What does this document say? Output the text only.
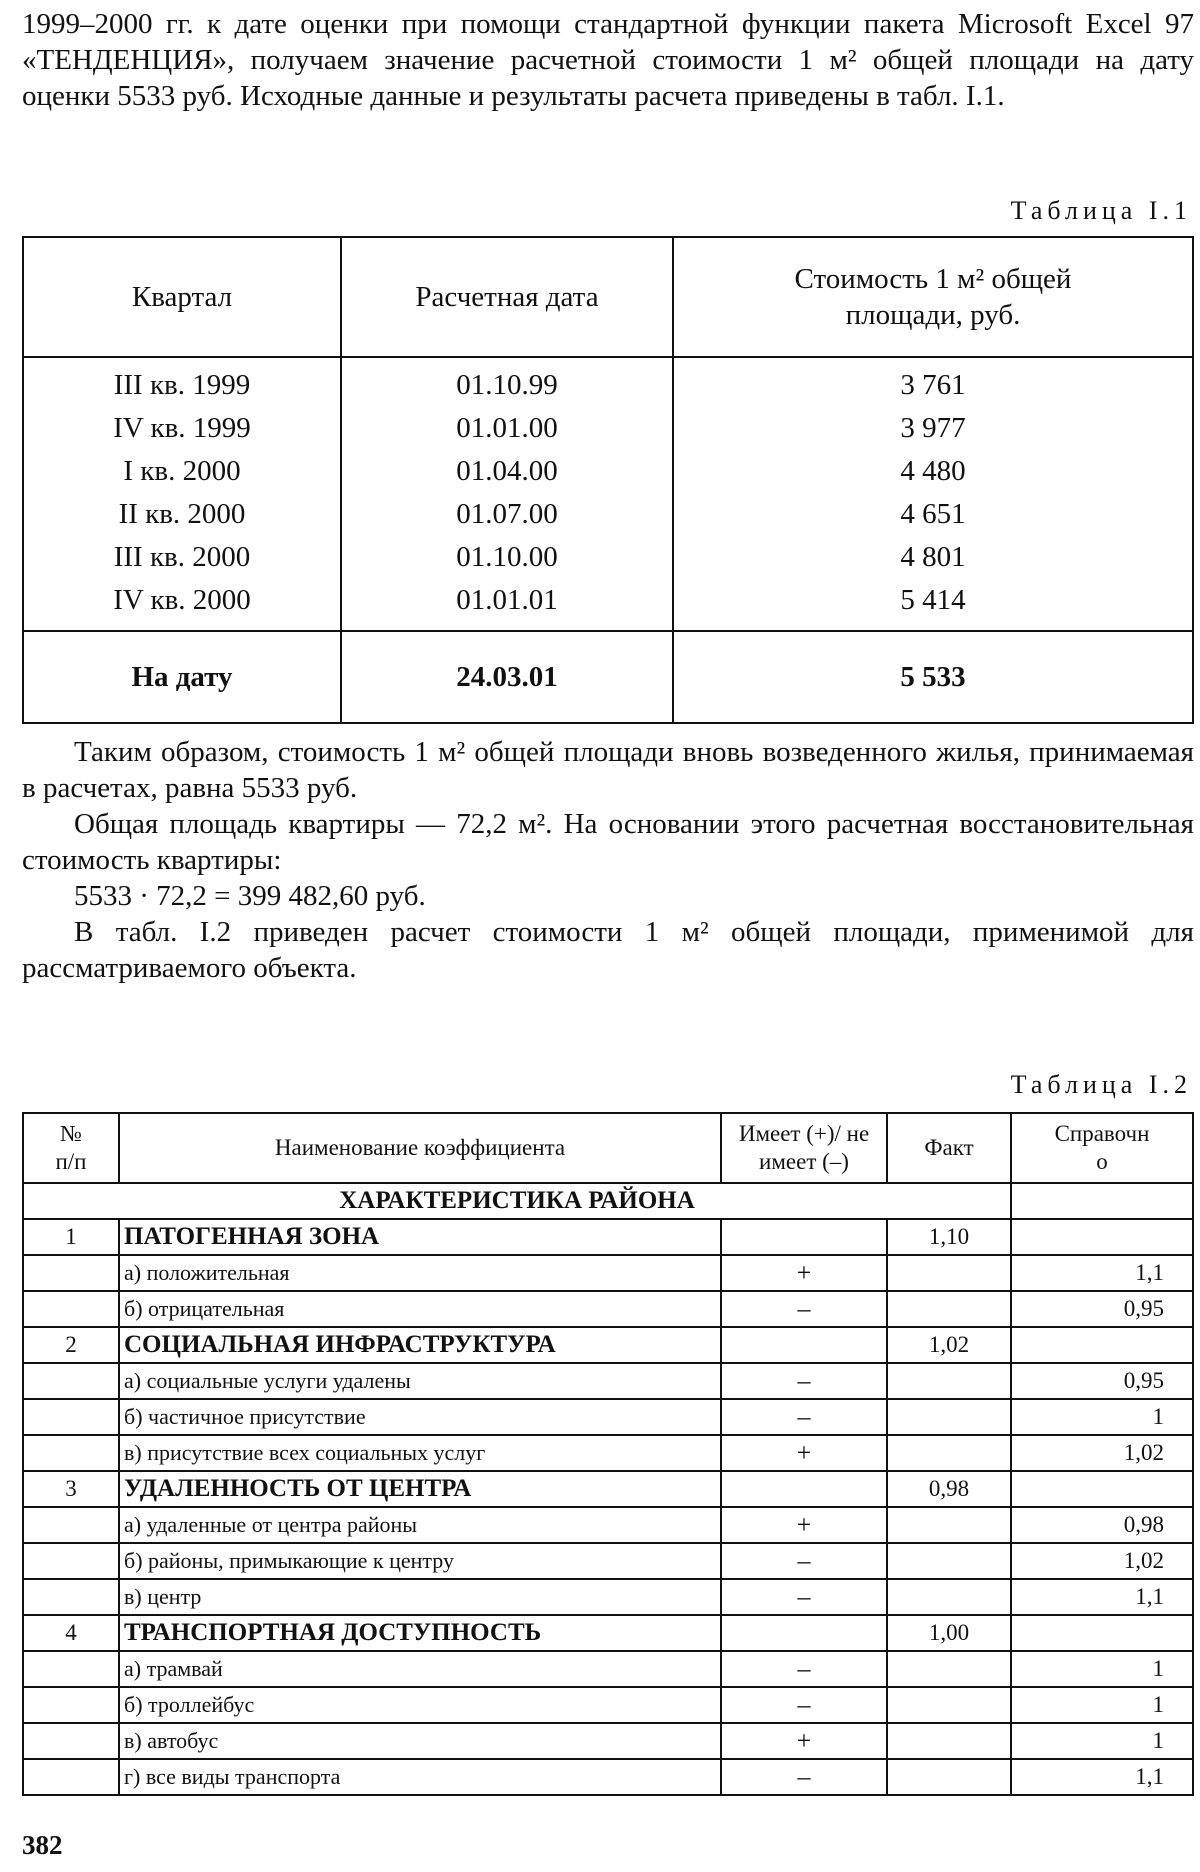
1999–2000 гг. к дате оценки при помощи стандартной функции пакета Microsoft Excel 97 «ТЕНДЕНЦИЯ», получаем значение расчетной стоимости 1 м² общей площади на дату оценки 5533 руб. Исходные данные и результаты расчета приведены в табл. I.1.

Таблица I.1
Квартал	Расчетная дата	Стоимость 1 м² общей площади, руб.
III кв. 1999	01.10.99	3 761
IV кв. 1999	01.01.00	3 977
I кв. 2000	01.04.00	4 480
II кв. 2000	01.07.00	4 651
III кв. 2000	01.10.00	4 801
IV кв. 2000	01.01.01	5 414
На дату	24.03.01	5 533

Таким образом, стоимость 1 м² общей площади вновь возведенного жилья, принимаемая в расчетах, равна 5533 руб.

Общая площадь квартиры — 72,2 м². На основании этого расчетная восстановительная стоимость квартиры:

5533 · 72,2 = 399 482,60 руб.

В табл. I.2 приведен расчет стоимости 1 м² общей площади, применимой для рассматриваемого объекта.

Таблица I.2
№ п/п	Наименование коэффициента	Имеет (+)/ не имеет (–)	Факт	Справочно
ХАРАКТЕРИСТИКА РАЙОНА				
1	ПАТОГЕННАЯ ЗОНА		1,10	
	а) положительная	+		1,1
	б) отрицательная	–		0,95
2	СОЦИАЛЬНАЯ ИНФРАСТРУКТУРА		1,02	
	а) социальные услуги удалены	–		0,95
	б) частичное присутствие	–		1
	в) присутствие всех социальных услуг	+		1,02
3	УДАЛЕННОСТЬ ОТ ЦЕНТРА		0,98	
	а) удаленные от центра районы	+		0,98
	б) районы, примыкающие к центру	–		1,02
	в) центр	–		1,1
4	ТРАНСПОРТНАЯ ДОСТУПНОСТЬ		1,00	
	а) трамвай	–		1
	б) троллейбус	–		1
	в) автобус	+		1
	г) все виды транспорта	–		1,1
382
